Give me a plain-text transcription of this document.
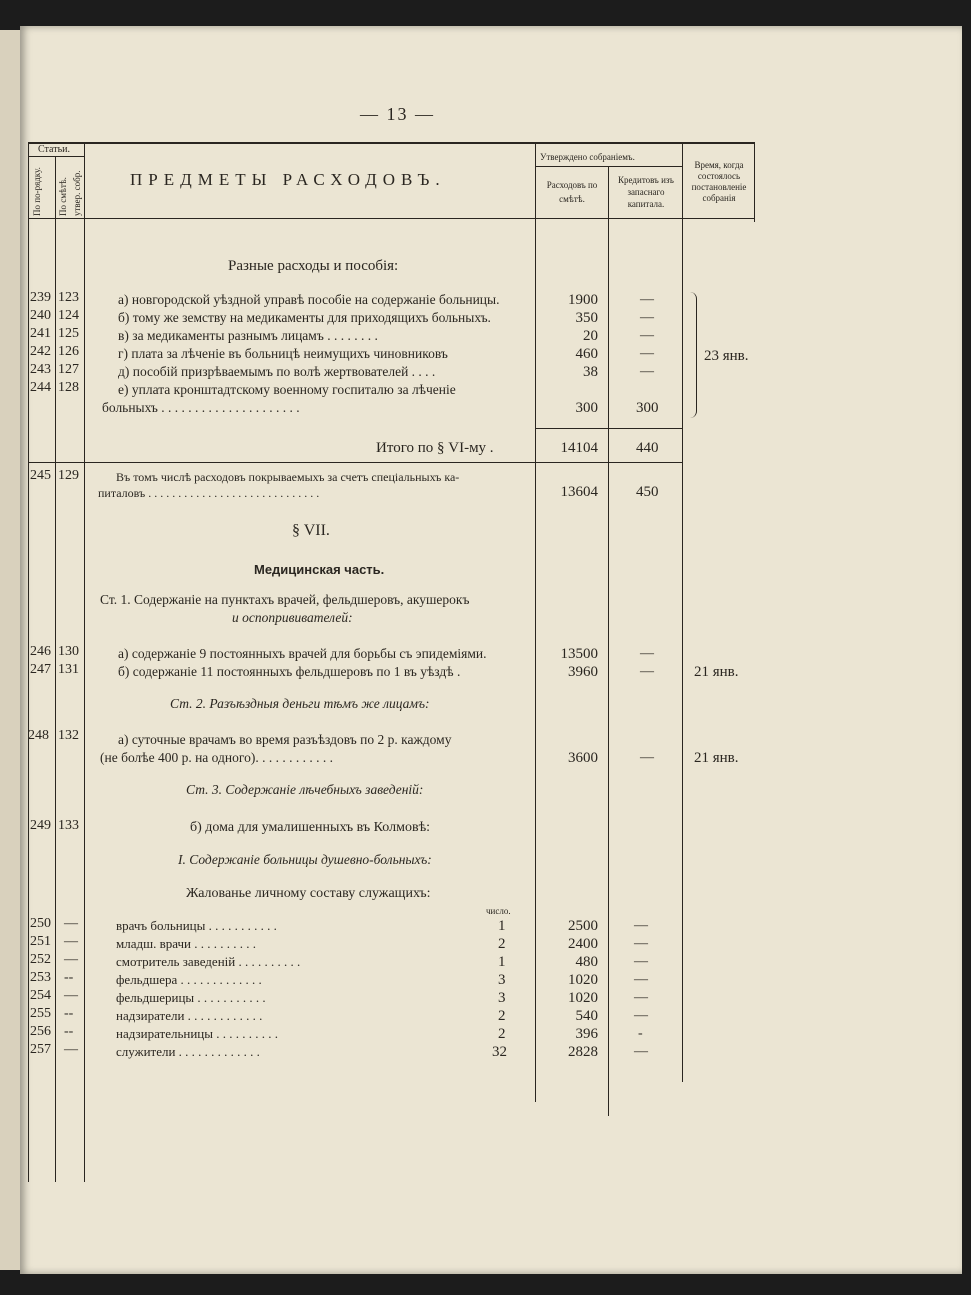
— 13 —
Статьи.
По по-рядку. По смѣтѣ. утвер. собр.	ПРЕДМЕТЫ РАСХОДОВЪ.
Утверждено собраніемъ.
Расходовъ по смѣтѣ.
Кредитовъ изъ запаснаго капитала.
Время, когда состоялось постановленіе собранія
Разные расходы и пособія:
239 123	а) новгородской уѣздной управѣ пособіе на содержаніе больницы.	1900	—
240 124	б) тому же земству на медикаменты для приходящихъ больныхъ.	350	—
241 125	в) за медикаменты разнымъ лицамъ . . . . . . . .	20	—
242 126	г) плата за лѣченіе въ больницѣ неимущихъ чиновниковъ	460	—
243 127	д) пособій призрѣваемымъ по волѣ жертвователей . . . .	38	—
244 128	е) уплата кронштадтскому военному госпиталю за лѣченіе
больныхъ . . . . . . . . . . . . . . . . . . . . .	300	300
23 янв.
Итого по § VI-му .	14104	440
245 129	Въ томъ числѣ расходовъ покрываемыхъ за счетъ спеціальныхъ ка-
питаловъ . . . . . . . . . . . . . . . . . . . . . . . . . . . . .	13604	450
§ VII.
Медицинская часть.
Ст. 1. Содержаніе на пунктахъ врачей, фельдшеровъ, акушерокъ
и оспопрививателей:
246 130	а) содержаніе 9 постоянныхъ врачей для борьбы съ эпидеміями.	13500	—
247 131	б) содержаніе 11 постоянныхъ фельдшеровъ по 1 въ уѣздѣ .	3960	—	21 янв.
Ст. 2. Разъѣздныя деньги тѣмъ же лицамъ:
248 132	а) суточные врачамъ во время разъѣздовъ по 2 р. каждому
(не болѣе 400 р. на одного). . . . . . . . . . . .	3600	—	21 янв.
Ст. 3. Содержаніе лѣчебныхъ заведеній:
249 133	б) дома для умалишенныхъ въ Колмовѣ:
I. Содержаніе больницы душевно-больныхъ:
Жалованье личному составу служащихъ:
число.
250 —	врачъ больницы . . . . . . . . . . .	1	2500	—
251 —	младш. врачи . . . . . . . . . .	2	2400	—
252 —	смотритель заведеній . . . . . . . . . .	1	480	—
253 --	фельдшера . . . . . . . . . . . . .	3	1020	—
254 —	фельдшерицы . . . . . . . . . . .	3	1020	—
255 --	надзиратели . . . . . . . . . . . .	2	540	—
256 --	надзирательницы . . . . . . . . . .	2	396	-
257 —	служители . . . . . . . . . . . . .	32	2828	—
